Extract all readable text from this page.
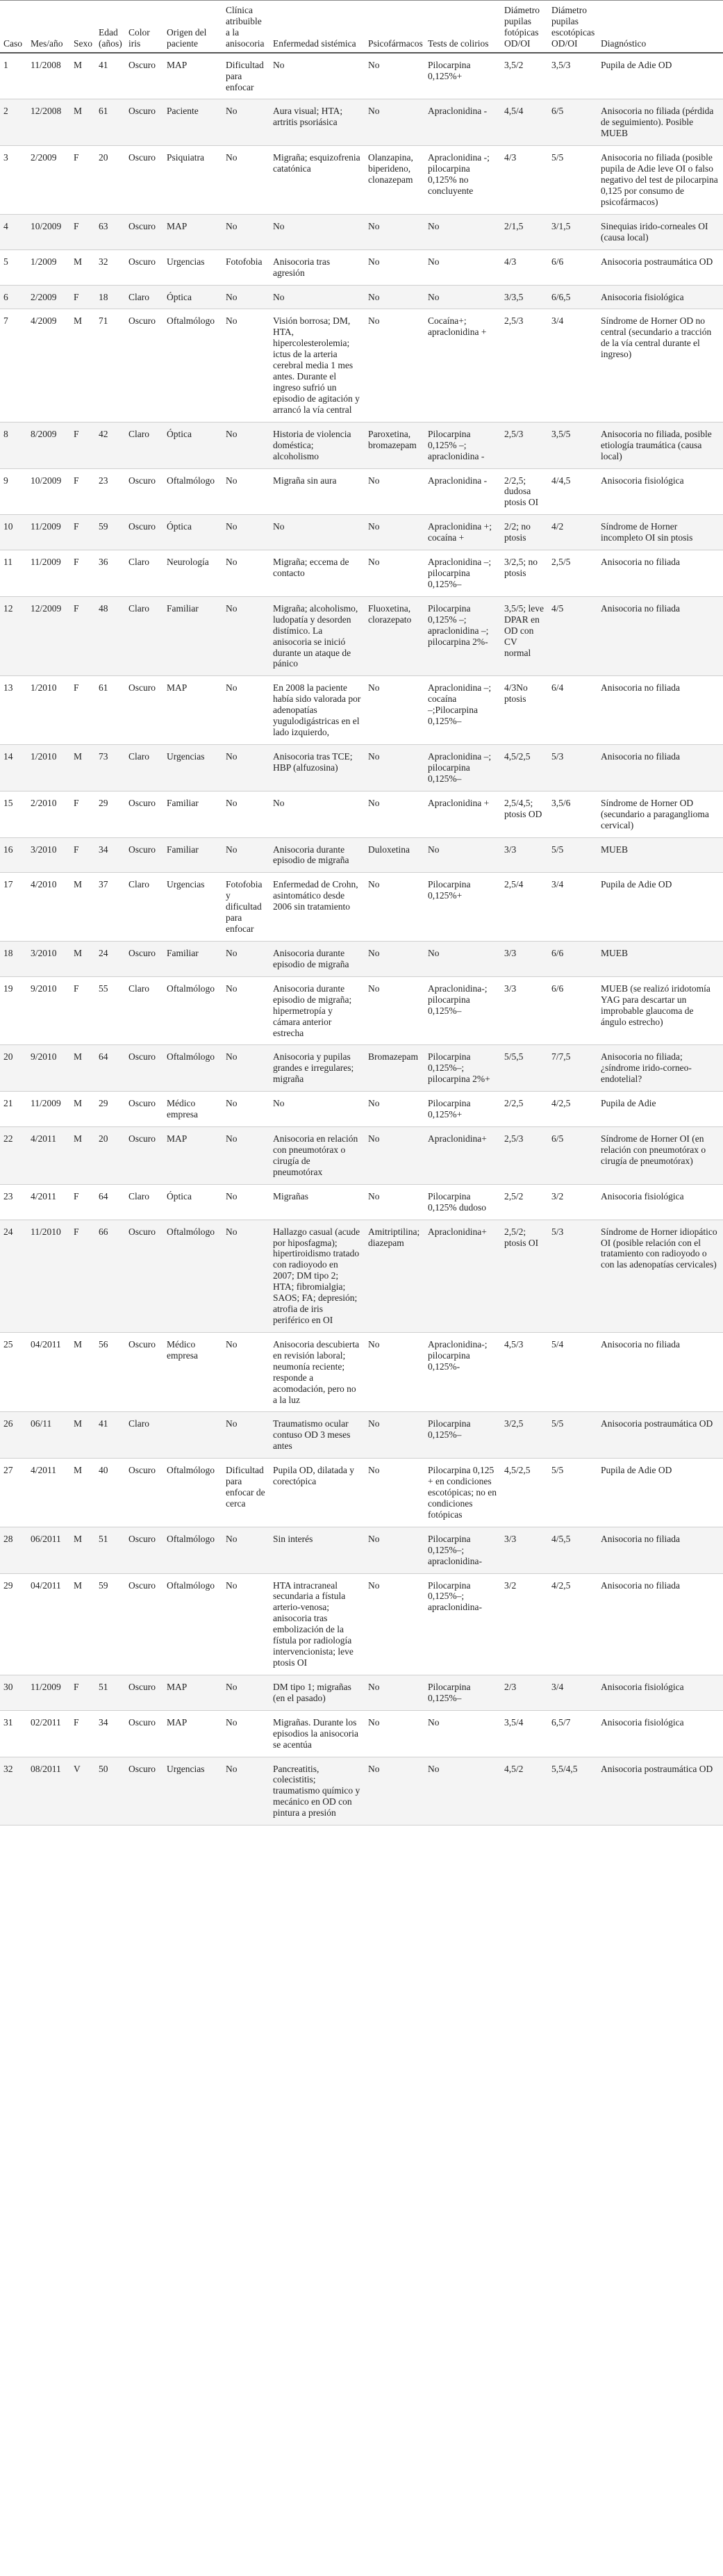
Caso	Mes/año	Sexo	Edad (años)	Color iris	Origen del paciente	Clínica atribuible a la anisocoria	Enfermedad sistémica	Psicofármacos	Tests de colirios	Diámetro pupilas fotópicas OD/OI	Diámetro pupilas escotópicas OD/OI	Diagnóstico
1	11/2008	M	41	Oscuro	MAP	Dificultad para enfocar	No	No	Pilocarpina 0,125%+	3,5/2	3,5/3	Pupila de Adie OD
2	12/2008	M	61	Oscuro	Paciente	No	Aura visual; HTA; artritis psoriásica	No	Apraclonidina -	4,5/4	6/5	Anisocoria no filiada (pérdida de seguimiento). Posible MUEB
3	2/2009	F	20	Oscuro	Psiquiatra	No	Migraña; esquizofrenia catatónica	Olanzapina, biperideno, clonazepam	Apraclonidina -; pilocarpina 0,125% no concluyente	4/3	5/5	Anisocoria no filiada (posible pupila de Adie leve OI o falso negativo del test de pilocarpina 0,125 por consumo de psicofármacos)
4	10/2009	F	63	Oscuro	MAP	No	No	No	No	2/1,5	3/1,5	Sinequias irido-corneales OI (causa local)
5	1/2009	M	32	Oscuro	Urgencias	Fotofobia	Anisocoria tras agresión	No	No	4/3	6/6	Anisocoria postraumática OD
6	2/2009	F	18	Claro	Óptica	No	No	No	No	3/3,5	6/6,5	Anisocoria fisiológica
7	4/2009	M	71	Oscuro	Oftalmólogo	No	Visión borrosa; DM, HTA, hipercolesterolemia; ictus de la arteria cerebral media 1 mes antes. Durante el ingreso sufrió un episodio de agitación y arrancó la vía central	No	Cocaína+; apraclonidina +	2,5/3	3/4	Síndrome de Horner OD no central (secundario a tracción de la vía central durante el ingreso)
8	8/2009	F	42	Claro	Óptica	No	Historia de violencia doméstica; alcoholismo	Paroxetina, bromazepam	Pilocarpina 0,125% –; apraclonidina -	2,5/3	3,5/5	Anisocoria no filiada, posible etiología traumática (causa local)
9	10/2009	F	23	Oscuro	Oftalmólogo	No	Migraña sin aura	No	Apraclonidina -	2/2,5; dudosa ptosis OI	4/4,5	Anisocoria fisiológica
10	11/2009	F	59	Oscuro	Óptica	No	No	No	Apraclonidina +; cocaína +	2/2; no ptosis	4/2	Síndrome de Horner incompleto OI sin ptosis
11	11/2009	F	36	Claro	Neurología	No	Migraña; eccema de contacto	No	Apraclonidina –; pilocarpina 0,125%–	3/2,5; no ptosis	2,5/5	Anisocoria no filiada
12	12/2009	F	48	Claro	Familiar	No	Migraña; alcoholismo, ludopatía y desorden distímico. La anisocoria se inició durante un ataque de pánico	Fluoxetina, clorazepato	Pilocarpina 0,125% –; apraclonidina –; pilocarpina 2%-	3,5/5; leve DPAR en OD con CV normal	4/5	Anisocoria no filiada
13	1/2010	F	61	Oscuro	MAP	No	En 2008 la paciente había sido valorada por adenopatías yugulodigástricas en el lado izquierdo,	No	Apraclonidina –; cocaína –;Pilocarpina 0,125%–	4/3No ptosis	6/4	Anisocoria no filiada
14	1/2010	M	73	Claro	Urgencias	No	Anisocoria tras TCE; HBP (alfuzosina)	No	Apraclonidina –; pilocarpina 0,125%–	4,5/2,5	5/3	Anisocoria no filiada
15	2/2010	F	29	Oscuro	Familiar	No	No	No	Apraclonidina +	2,5/4,5; ptosis OD	3,5/6	Síndrome de Horner OD (secundario a paraganglioma cervical)
16	3/2010	F	34	Oscuro	Familiar	No	Anisocoria durante episodio de migraña	Duloxetina	No	3/3	5/5	MUEB
17	4/2010	M	37	Claro	Urgencias	Fotofobia y dificultad para enfocar	Enfermedad de Crohn, asintomático desde 2006 sin tratamiento	No	Pilocarpina 0,125%+	2,5/4	3/4	Pupila de Adie OD
18	3/2010	M	24	Oscuro	Familiar	No	Anisocoria durante episodio de migraña	No	No	3/3	6/6	MUEB
19	9/2010	F	55	Claro	Oftalmólogo	No	Anisocoria durante episodio de migraña; hipermetropía y cámara anterior estrecha	No	Apraclonidina-; pilocarpina 0,125%–	3/3	6/6	MUEB (se realizó iridotomía YAG para descartar un improbable glaucoma de ángulo estrecho)
20	9/2010	M	64	Oscuro	Oftalmólogo	No	Anisocoria y pupilas grandes e irregulares; migraña	Bromazepam	Pilocarpina 0,125%–; pilocarpina 2%+	5/5,5	7/7,5	Anisocoria no filiada; ¿síndrome irido-corneo-endotelial?
21	11/2009	M	29	Oscuro	Médico empresa	No	No	No	Pilocarpina 0,125%+	2/2,5	4/2,5	Pupila de Adie
22	4/2011	M	20	Oscuro	MAP	No	Anisocoria en relación con pneumotórax o cirugía de pneumotórax	No	Apraclonidina+	2,5/3	6/5	Síndrome de Horner OI (en relación con pneumotórax o cirugía de pneumotórax)
23	4/2011	F	64	Claro	Óptica	No	Migrañas	No	Pilocarpina 0,125% dudoso	2,5/2	3/2	Anisocoria fisiológica
24	11/2010	F	66	Oscuro	Oftalmólogo	No	Hallazgo casual (acude por hiposfagma); hipertiroidismo tratado con radioyodo en 2007; DM tipo 2; HTA; fibromialgia; SAOS; FA; depresión; atrofia de iris periférico en OI	Amitriptilina; diazepam	Apraclonidina+	2,5/2; ptosis OI	5/3	Síndrome de Horner idiopático OI (posible relación con el tratamiento con radioyodo o con las adenopatías cervicales)
25	04/2011	M	56	Oscuro	Médico empresa	No	Anisocoria descubierta en revisión laboral; neumonía reciente; responde a acomodación, pero no a la luz	No	Apraclonidina-; pilocarpina 0,125%-	4,5/3	5/4	Anisocoria no filiada
26	06/11	M	41	Claro		No	Traumatismo ocular contuso OD 3 meses antes	No	Pilocarpina 0,125%–	3/2,5	5/5	Anisocoria postraumática OD
27	4/2011	M	40	Oscuro	Oftalmólogo	Dificultad para enfocar de cerca	Pupila OD, dilatada y corectópica	No	Pilocarpina 0,125 + en condiciones escotópicas; no en condiciones fotópicas	4,5/2,5	5/5	Pupila de Adie OD
28	06/2011	M	51	Oscuro	Oftalmólogo	No	Sin interés	No	Pilocarpina 0,125%–; apraclonidina-	3/3	4/5,5	Anisocoria no filiada
29	04/2011	M	59	Oscuro	Oftalmólogo	No	HTA intracraneal secundaria a fístula arterio-venosa; anisocoria tras embolización de la fístula por radiología intervencionista; leve ptosis OI	No	Pilocarpina 0,125%–; apraclonidina-	3/2	4/2,5	Anisocoria no filiada
30	11/2009	F	51	Oscuro	MAP	No	DM tipo 1; migrañas (en el pasado)	No	Pilocarpina 0,125%–	2/3	3/4	Anisocoria fisiológica
31	02/2011	F	34	Oscuro	MAP	No	Migrañas. Durante los episodios la anisocoria se acentúa	No	No	3,5/4	6,5/7	Anisocoria fisiológica
32	08/2011	V	50	Oscuro	Urgencias	No	Pancreatitis, colecistitis; traumatismo químico y mecánico en OD con pintura a presión	No	No	4,5/2	5,5/4,5	Anisocoria postraumática OD
